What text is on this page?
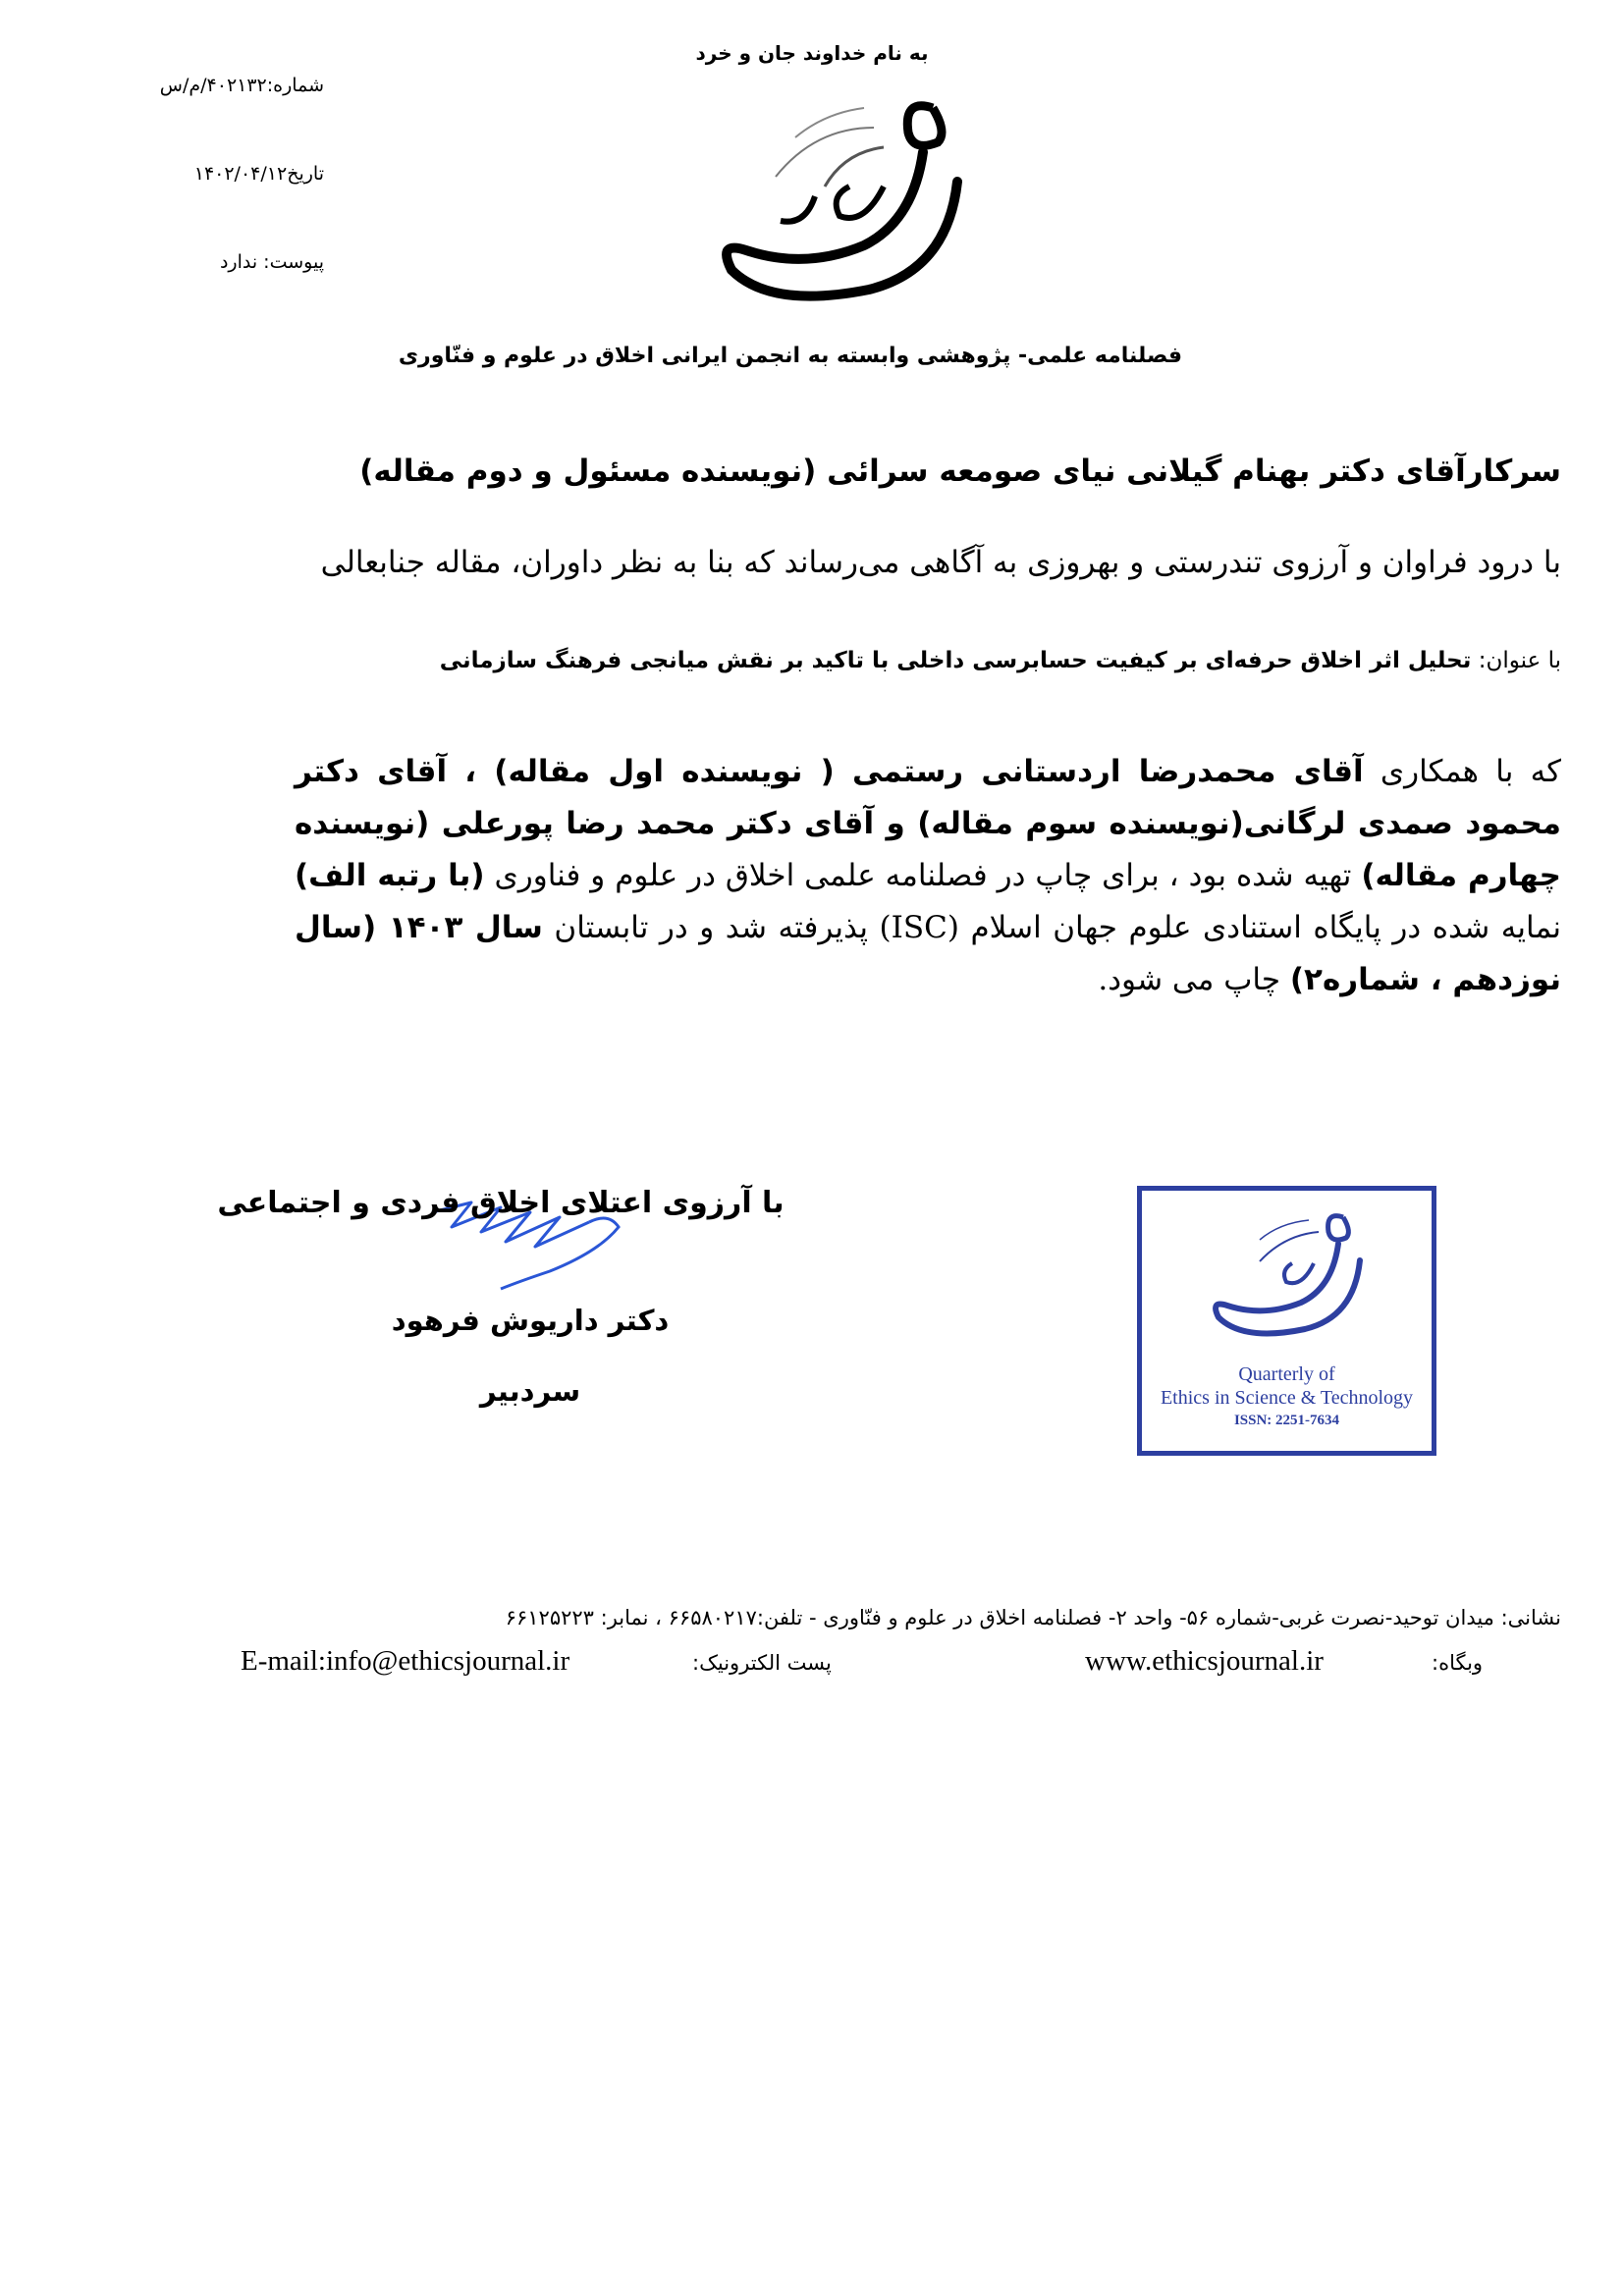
به نام خداوند جان و خرد
شماره:۴۰۲۱۳۲/م/س
تاریخ۱۴۰۲/۰۴/۱۲
پیوست: ندارد
فصلنامه علمی- پژوهشی وابسته به انجمن ایرانی اخلاق در علوم و فنّاوری
سرکارآقای دکتر بهنام گیلانی نیای صومعه سرائی (نویسنده مسئول و دوم مقاله)
با درود فراوان و آرزوی تندرستی و بهروزی به آگاهی می‌رساند که بنا به نظر داوران، مقاله جنابعالی
با عنوان: تحلیل اثر اخلاق حرفه‌ای بر کیفیت حسابرسی داخلی با تاکید بر نقش میانجی فرهنگ سازمانی
که با همکاری آقای محمدرضا اردستانی رستمی ( نویسنده اول مقاله) ، آقای دکتر محمود صمدی لرگانی(نویسنده سوم مقاله) و آقای دکتر محمد رضا پورعلی (نویسنده چهارم مقاله) تهیه شده بود ، برای چاپ در فصلنامه علمی اخلاق در علوم و فناوری (با رتبه الف) نمایه شده در پایگاه استنادی علوم جهان اسلام (ISC) پذیرفته شد و در تابستان سال ۱۴۰۳ (سال نوزدهم ، شماره۲) چاپ می شود.
با آرزوی اعتلای اخلاق فردی و اجتماعی
دکتر داریوش فرهود
سردبیر	Quarterly of
Ethics in Science & Technology
ISSN: 2251-7634
نشانی: میدان توحید-نصرت غربی-شماره ۵۶- واحد ۲- فصلنامه اخلاق در علوم و فنّاوری - تلفن:۶۶۵۸۰۲۱۷ ، نمابر: ۶۶۱۲۵۲۲۳
وبگاه:
www.ethicsjournal.ir
پست الکترونیک:
E-mail:info@ethicsjournal.ir
